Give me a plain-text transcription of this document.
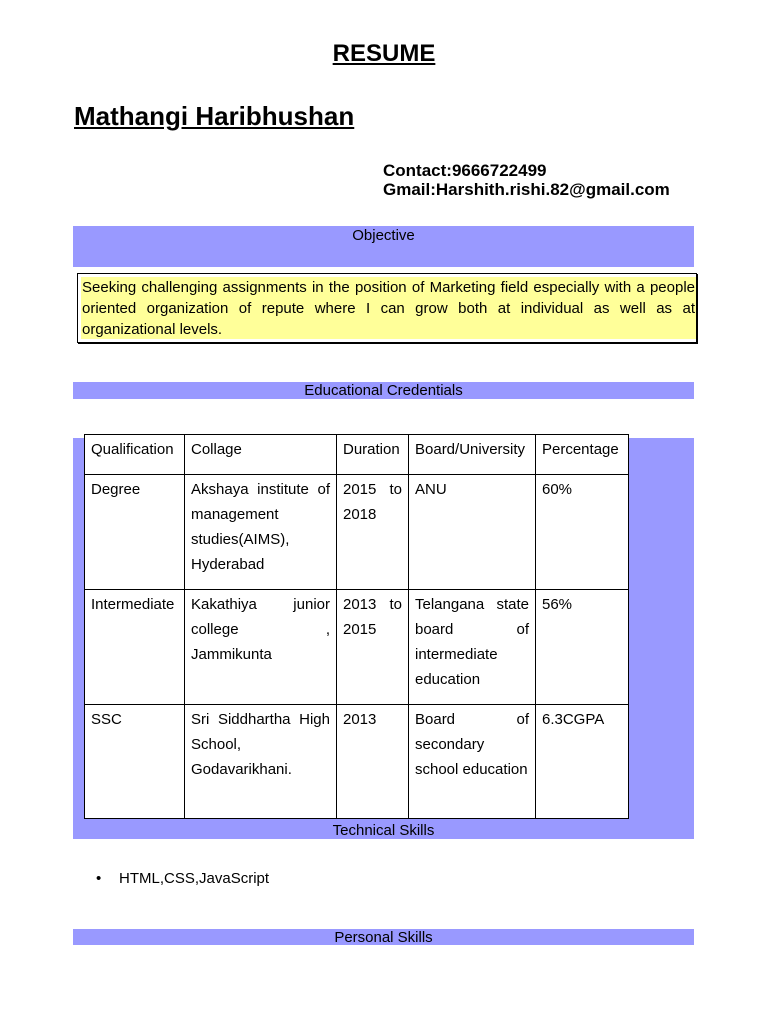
RESUME
Mathangi Haribhushan
Contact:9666722499
Gmail:Harshith.rishi.82@gmail.com
Objective
Seeking challenging assignments in the position of Marketing field especially with a people oriented organization of repute where I can grow both at individual as well as at organizational levels.
Educational Credentials
Qualification	Collage	Duration	Board/University	Percentage
Degree	Akshaya institute of management studies(AIMS), Hyderabad	2015 to 2018	ANU	60%
Intermediate	Kakathiya junior college , Jammikunta	2013 to 2015	Telangana state board of intermediate education	56%
SSC	Sri Siddhartha High School, Godavarikhani.	2013	Board of secondary school education	6.3CGPA
Technical Skills
• HTML,CSS,JavaScript
Personal Skills
